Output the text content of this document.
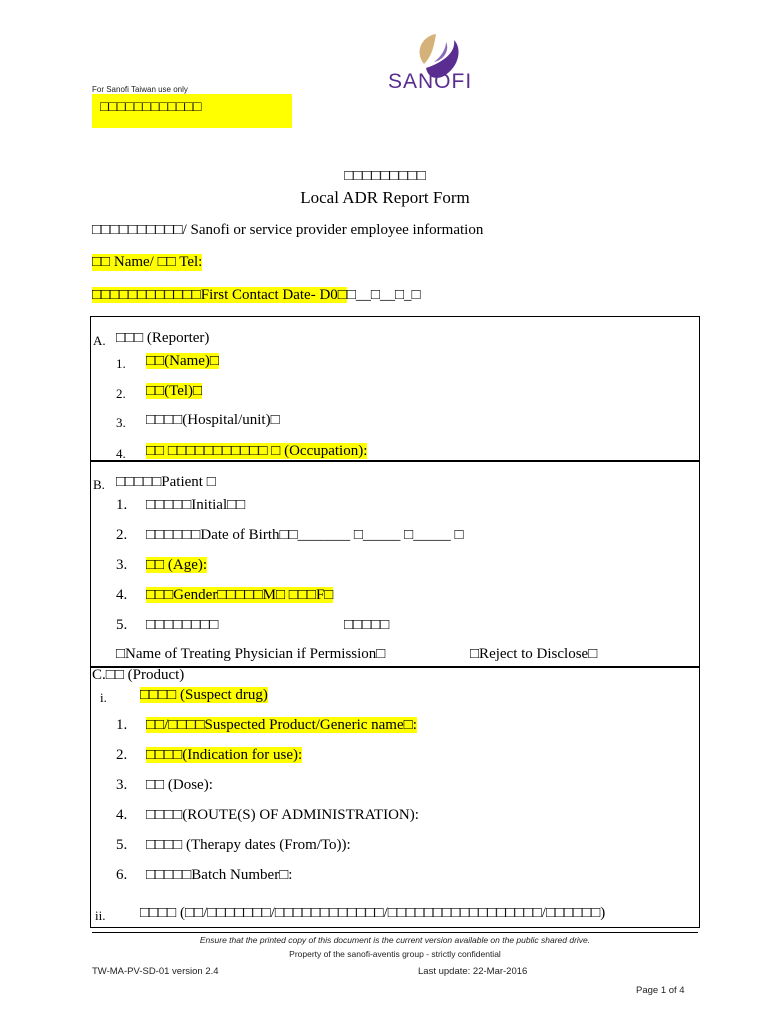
For Sanofi Taiwan use only
□□□□□□□□□□□□
SANOFI
□□□□□□□□□
Local ADR Report Form
□□□□□□□□□□/ Sanofi or service provider employee information
□□ Name/ □□ Tel:
□□□□□□□□□□□□First Contact Date- D0□□__□__□_□
A. □□□ (Reporter)
1. □□(Name)□
2. □□(Tel)□
3. □□□□(Hospital/unit)□
4. □□ □□□□□□□□□□□ □ (Occupation):
B. □□□□□Patient □
1. □□□□□Initial□□
2. □□□□□□Date of Birth□□_______ □_____ □_____ □
3. □□ (Age):
4. □□□Gender□□□□□M□ □□□F□
5. □□□□□□□□	□□□□□
□Name of Treating Physician if Permission□	□Reject to Disclose□
C.□□ (Product)
i. □□□□ (Suspect drug)
1. □□/□□□□Suspected Product/Generic name□:
2. □□□□(Indication for use):
3. □□ (Dose):
4. □□□□(ROUTE(S) OF ADMINISTRATION):
5. □□□□ (Therapy dates (From/To)):
6. □□□□□Batch Number□:
ii. □□□□ (□□/□□□□□□□/□□□□□□□□□□□□/□□□□□□□□□□□□□□□□□/□□□□□□)
Ensure that the printed copy of this document is the current version available on the public shared drive.
Property of the sanofi-aventis group - strictly confidential
TW-MA-PV-SD-01 version 2.4	Last update: 22-Mar-2016
Page 1 of 4
